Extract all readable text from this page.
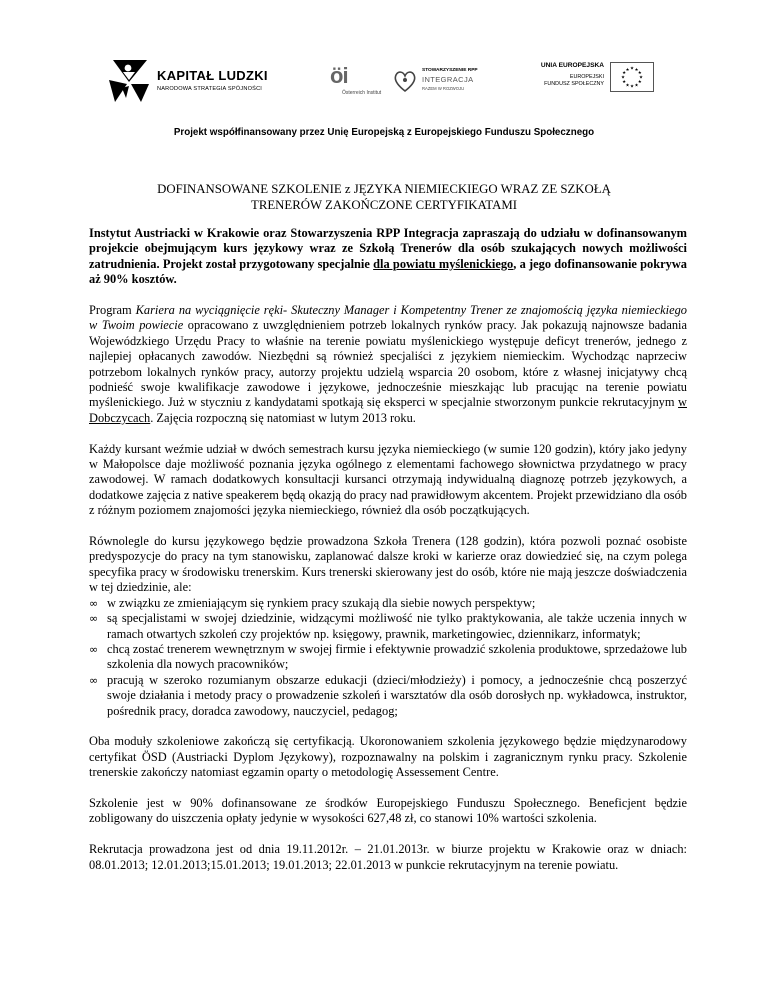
KAPITAŁ LUDZKI
NARODOWA STRATEGIA SPÓJNOŚCI
öi
Österreich Institut
STOWARZYSZENIE RPP
INTEGRACJA
RAZEM W ROZWOJU
UNIA EUROPEJSKA
EUROPEJSKI
FUNDUSZ SPOŁECZNY
★ ★
★
★
★
★
★
★
★
★
★
★
Projekt współfinansowany przez Unię Europejską z Europejskiego Funduszu Społecznego
DOFINANSOWANE SZKOLENIE z JĘZYKA NIEMIECKIEGO WRAZ ZE SZKOŁĄ
TRENERÓW ZAKOŃCZONE CERTYFIKATAMI

Instytut Austriacki w Krakowie oraz Stowarzyszenia RPP Integracja zapraszają do udziału w dofinansowanym projekcie obejmującym kurs językowy wraz ze Szkołą Trenerów dla osób szukających nowych możliwości zatrudnienia. Projekt został przygotowany specjalnie dla powiatu myślenickiego, a jego dofinansowanie pokrywa aż 90% kosztów.

Program Kariera na wyciągnięcie ręki- Skuteczny Manager i Kompetentny Trener ze znajomością języka niemieckiego w Twoim powiecie opracowano z uwzględnieniem potrzeb lokalnych rynków pracy. Jak pokazują najnowsze badania Wojewódzkiego Urzędu Pracy to właśnie na terenie powiatu myślenickiego występuje deficyt trenerów, jednego z najlepiej opłacanych zawodów. Niezbędni są również specjaliści z językiem niemieckim. Wychodząc naprzeciw potrzebom lokalnych rynków pracy, autorzy projektu udzielą wsparcia 20 osobom, które z własnej inicjatywy chcą podnieść swoje kwalifikacje zawodowe i językowe, jednocześnie mieszkając lub pracując na terenie powiatu myślenickiego. Już w styczniu z kandydatami spotkają się eksperci w specjalnie stworzonym punkcie rekrutacyjnym w Dobczycach. Zajęcia rozpoczną się natomiast w lutym 2013 roku.

Każdy kursant weźmie udział w dwóch semestrach kursu języka niemieckiego (w sumie 120 godzin), który jako jedyny w Małopolsce daje możliwość poznania języka ogólnego z elementami fachowego słownictwa przydatnego w pracy zawodowej. W ramach dodatkowych konsultacji kursanci otrzymają indywidualną diagnozę potrzeb językowych, a dodatkowe zajęcia z native speakerem będą okazją do pracy nad prawidłowym akcentem. Projekt przewidziano dla osób z różnym poziomem znajomości języka niemieckiego, również dla osób początkujących.

Równolegle do kursu językowego będzie prowadzona Szkoła Trenera (128 godzin), która pozwoli poznać osobiste predyspozycje do pracy na tym stanowisku, zaplanować dalsze kroki w karierze oraz dowiedzieć się, na czym polega specyfika pracy w środowisku trenerskim. Kurs trenerski skierowany jest do osób, które nie mają jeszcze doświadczenia w tej dziedzinie, ale:

∞ w związku ze zmieniającym się rynkiem pracy szukają dla siebie nowych perspektyw;
∞ są specjalistami w swojej dziedzinie, widzącymi możliwość nie tylko praktykowania, ale także uczenia innych w ramach otwartych szkoleń czy projektów np. księgowy, prawnik, marketingowiec, dziennikarz, informatyk;
∞ chcą zostać trenerem wewnętrznym w swojej firmie i efektywnie prowadzić szkolenia produktowe, sprzedażowe lub szkolenia dla nowych pracowników;
∞ pracują w szeroko rozumianym obszarze edukacji (dzieci/młodzieży) i pomocy, a jednocześnie chcą poszerzyć swoje działania i metody pracy o prowadzenie szkoleń i warsztatów dla osób dorosłych np. wykładowca, instruktor, pośrednik pracy, doradca zawodowy, nauczyciel, pedagog;

Oba moduły szkoleniowe zakończą się certyfikacją. Ukoronowaniem szkolenia językowego będzie międzynarodowy certyfikat ÖSD (Austriacki Dyplom Językowy), rozpoznawalny na polskim i zagranicznym rynku pracy. Szkolenie trenerskie zakończy natomiast egzamin oparty o metodologię Assessement Centre.

Szkolenie jest w 90% dofinansowane ze środków Europejskiego Funduszu Społecznego. Beneficjent będzie zobligowany do uiszczenia opłaty jedynie w wysokości 627,48 zł, co stanowi 10% wartości szkolenia.

Rekrutacja prowadzona jest od dnia 19.11.2012r. – 21.01.2013r. w biurze projektu w Krakowie oraz w dniach: 08.01.2013; 12.01.2013;15.01.2013; 19.01.2013; 22.01.2013 w punkcie rekrutacyjnym na terenie powiatu.
